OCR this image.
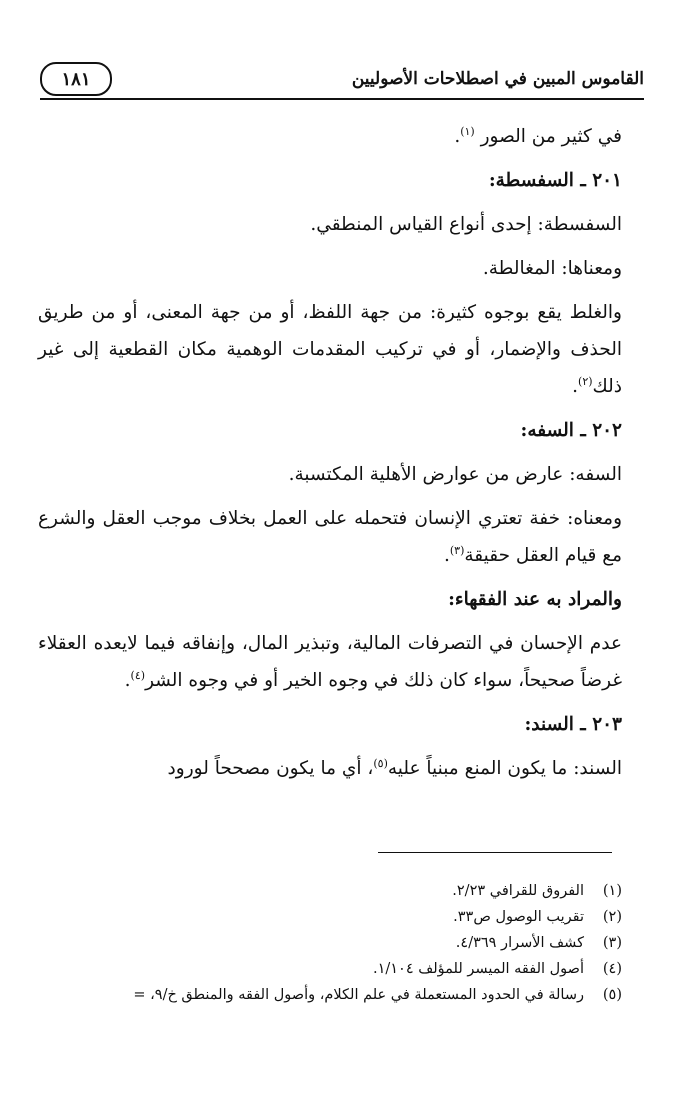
القاموس المبين في اصطلاحات الأصوليين
١٨١

في كثير من الصور $^{(١)}$.

٢٠١ ـ السفسطة:

السفسطة: إحدى أنواع القياس المنطقي.

ومعناها: المغالطة.

والغلط يقع بوجوه كثيرة: من جهة اللفظ، أو من جهة المعنى، أو من طريق الحذف والإضمار، أو في تركيب المقدمات الوهمية مكان القطعية إلى غير ذلك$^{(٢)}$.

٢٠٢ ـ السفه:

السفه: عارض من عوارض الأهلية المكتسبة.

ومعناه: خفة تعتري الإنسان فتحمله على العمل بخلاف موجب العقل والشرع مع قيام العقل حقيقة$^{(٣)}$.

والمراد به عند الفقهاء:

عدم الإحسان في التصرفات المالية، وتبذير المال، وإنفاقه فيما لايعده العقلاء غرضاً صحيحاً، سواء كان ذلك في وجوه الخير أو في وجوه الشر$^{(٤)}$.

٢٠٣ ـ السند:

السند: ما يكون المنع مبنياً عليه$^{(٥)}$، أي ما يكون مصححاً لورود

(١)
الفروق للقرافي ٢/٢٣.
(٢)
تقريب الوصول ص٣٣.
(٣)
كشف الأسرار ٤/٣٦٩.
(٤)
أصول الفقه الميسر للمؤلف ١/١٠٤.
(٥)
رسالة في الحدود المستعملة في علم الكلام، وأصول الفقه والمنطق خ/٩، =
